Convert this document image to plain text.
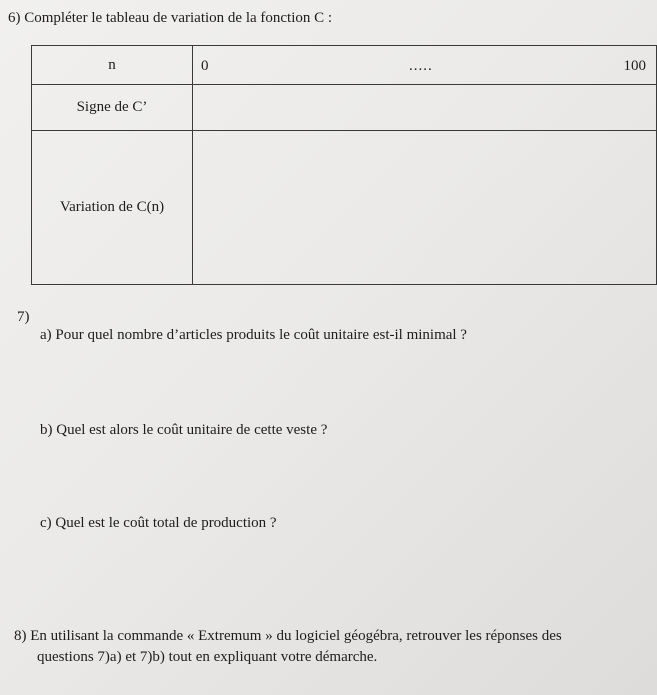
6) Compléter le tableau de variation de la fonction C :
n	0 ..... 100

Signe de C’	
Variation de C(n)	
7)
a) Pour quel nombre d’articles produits le coût unitaire est-il minimal ?
b) Quel est alors le coût unitaire de cette veste ?
c) Quel est le coût total de production ?
8) En utilisant la commande « Extremum » du logiciel géogébra, retrouver les réponses des
questions 7)a) et 7)b) tout en expliquant votre démarche.
